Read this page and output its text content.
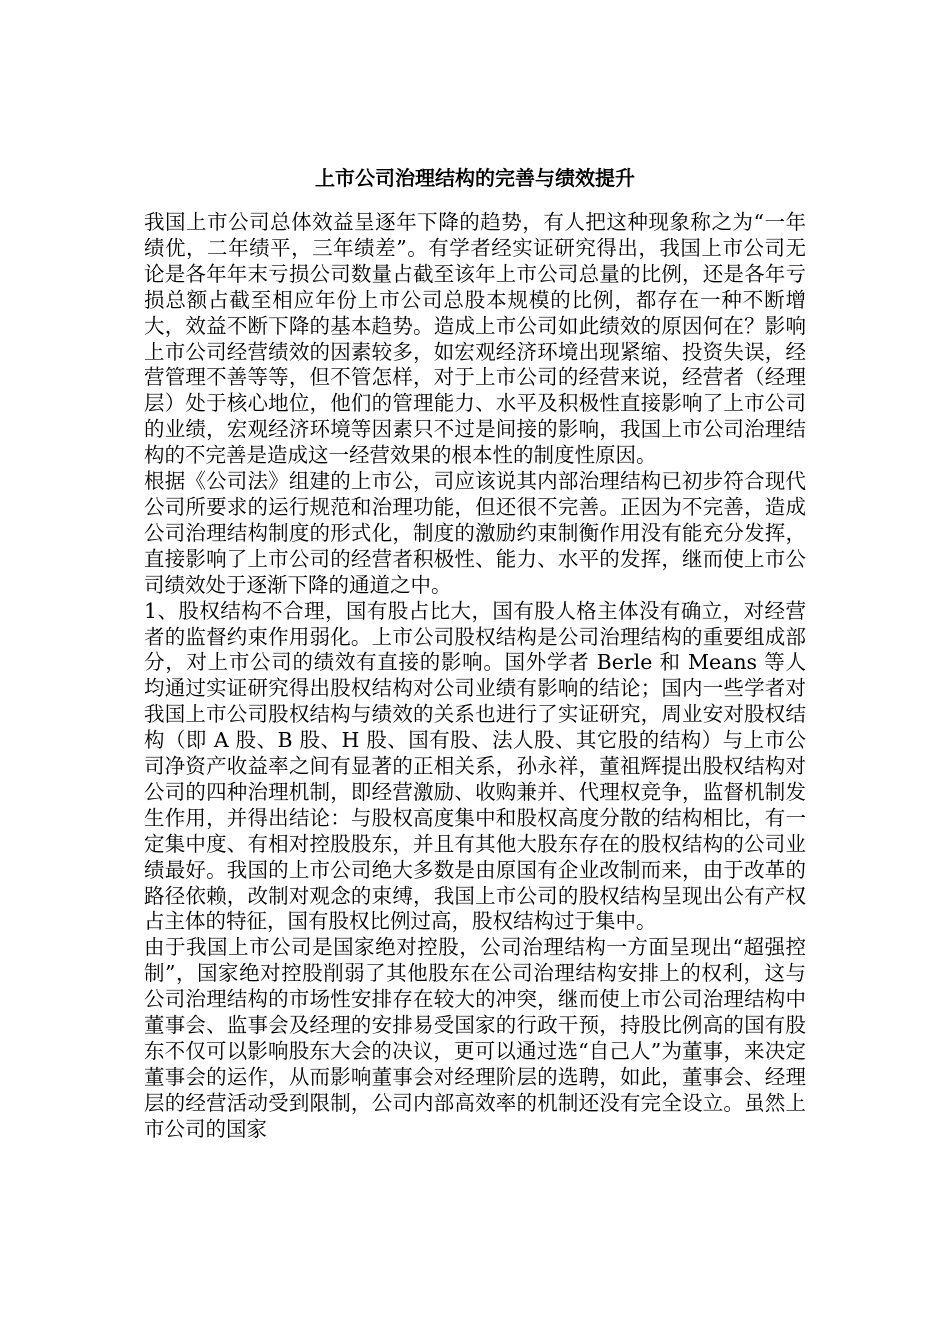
上市公司治理结构的完善与绩效提升

我国上市公司总体效益呈逐年下降的趋势，有人把这种现象称之为“一年绩优，二年绩平，三年绩差”。有学者经实证研究得出，我国上市公司无论是各年年末亏损公司数量占截至该年上市公司总量的比例，还是各年亏损总额占截至相应年份上市公司总股本规模的比例，都存在一种不断增大，效益不断下降的基本趋势。造成上市公司如此绩效的原因何在？影响上市公司经营绩效的因素较多，如宏观经济环境出现紧缩、投资失误，经营管理不善等等，但不管怎样，对于上市公司的经营来说，经营者（经理层）处于核心地位，他们的管理能力、水平及积极性直接影响了上市公司的业绩，宏观经济环境等因素只不过是间接的影响，我国上市公司治理结构的不完善是造成这一经营效果的根本性的制度性原因。

根据《公司法》组建的上市公，司应该说其内部治理结构已初步符合现代公司所要求的运行规范和治理功能，但还很不完善。正因为不完善，造成公司治理结构制度的形式化，制度的激励约束制衡作用没有能充分发挥，直接影响了上市公司的经营者积极性、能力、水平的发挥，继而使上市公司绩效处于逐渐下降的通道之中。

1、股权结构不合理，国有股占比大，国有股人格主体没有确立，对经营者的监督约束作用弱化。上市公司股权结构是公司治理结构的重要组成部分，对上市公司的绩效有直接的影响。国外学者 Berle 和 Means 等人均通过实证研究得出股权结构对公司业绩有影响的结论；国内一些学者对我国上市公司股权结构与绩效的关系也进行了实证研究，周业安对股权结构（即 A 股、B 股、H 股、国有股、法人股、其它股的结构）与上市公司净资产收益率之间有显著的正相关系，孙永祥，董祖辉提出股权结构对公司的四种治理机制，即经营激励、收购兼并、代理权竞争，监督机制发生作用，并得出结论：与股权高度集中和股权高度分散的结构相比，有一定集中度、有相对控股股东，并且有其他大股东存在的股权结构的公司业绩最好。我国的上市公司绝大多数是由原国有企业改制而来，由于改革的路径依赖，改制对观念的束缚，我国上市公司的股权结构呈现出公有产权占主体的特征，国有股权比例过高，股权结构过于集中。

由于我国上市公司是国家绝对控股，公司治理结构一方面呈现出“超强控制”，国家绝对控股削弱了其他股东在公司治理结构安排上的权利，这与公司治理结构的市场性安排存在较大的冲突，继而使上市公司治理结构中董事会、监事会及经理的安排易受国家的行政干预，持股比例高的国有股东不仅可以影响股东大会的决议，更可以通过选“自己人”为董事，来决定董事会的运作，从而影响董事会对经理阶层的选聘，如此，董事会、经理层的经营活动受到限制，公司内部高效率的机制还没有完全设立。虽然上市公司的国家
